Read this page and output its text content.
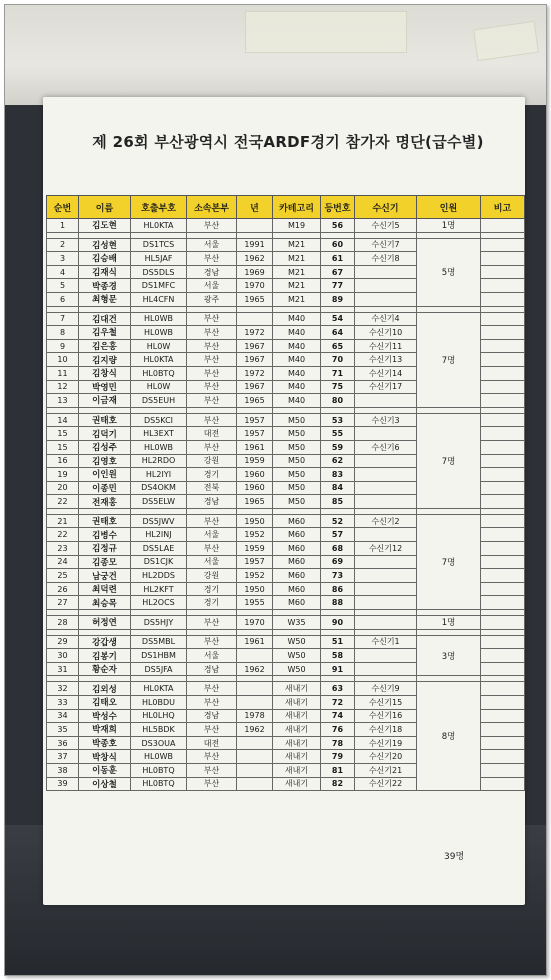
제 26회 부산광역시 전국ARDF경기 참가자 명단(급수별)
순번	이름	호출부호	소속본부	년	카테고리	등번호	수신기	인원	비고
1	김도현	HL0KTA	부산		M19	56	수신기5	1명	

2	김성현	DS1TCS	서울	1991	M21	60	수신기7	5명	
3	김승배	HL5JAF	부산	1962	M21	61	수신기8		
4	김재식	DS5DLS	경남	1969	M21	67			
5	박종경	DS1MFC	서울	1970	M21	77			
6	최형문	HL4CFN	광주	1965	M21	89			

7	김대건	HL0WB	부산		M40	54	수신기4	7명	
8	김우철	HL0WB	부산	1972	M40	64	수신기10		
9	김은홍	HL0W	부산	1967	M40	65	수신기11		
10	김지량	HL0KTA	부산	1967	M40	70	수신기13		
11	김창식	HL0BTQ	부산	1972	M40	71	수신기14		
12	박영민	HL0W	부산	1967	M40	75	수신기17		
13	이금재	DS5EUH	부산	1965	M40	80			

14	권태호	DS5KCI	부산	1957	M50	53	수신기3	7명	
15	김덕기	HL3EXT	대전	1957	M50	55			
15	김성주	HL0WB	부산	1961	M50	59	수신기6		
16	김영호	HL2RDO	강원	1959	M50	62			
19	이인원	HL2IYI	경기	1960	M50	83			
20	이종민	DS4OKM	전북	1960	M50	84			
22	전재홍	DS5ELW	경남	1965	M50	85			

21	권태호	DS5JWV	부산	1950	M60	52	수신기2	7명	
22	김병수	HL2INJ	서울	1952	M60	57			
23	김정규	DS5LAE	부산	1959	M60	68	수신기12		
24	김종모	DS1CJK	서울	1957	M60	69			
25	남궁건	HL2DDS	강원	1952	M60	73			
26	최덕련	HL2KFT	경기	1950	M60	86			
27	최승목	HL2OCS	경기	1955	M60	88			

28	허정연	DS5HJY	부산	1970	W35	90		1명	

29	강갑생	DS5MBL	부산	1961	W50	51	수신기1	3명	
30	김봉기	DS1HBM	서울		W50	58			
31	황순자	DS5JFA	경남	1962	W50	91			

32	김외성	HL0KTA	부산		새내기	63	수신기9	8명	
33	김태오	HL0BDU	부산		새내기	72	수신기15		
34	박성수	HL0LHQ	경남	1978	새내기	74	수신기16		
35	박재희	HL5BDK	부산	1962	새내기	76	수신기18		
36	박종호	DS3OUA	대전		새내기	78	수신기19		
37	박창식	HL0WB	부산		새내기	79	수신기20		
38	이동훈	HL0BTQ	부산		새내기	81	수신기21		
39	이상철	HL0BTQ	부산		새내기	82	수신기22		
39명
